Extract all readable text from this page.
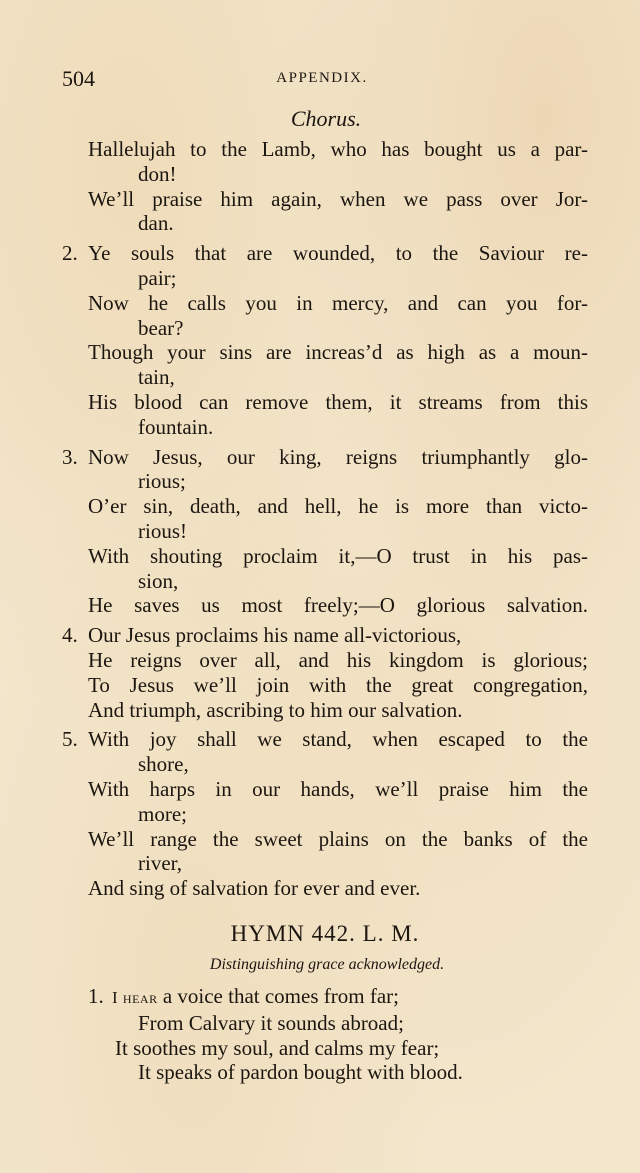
504	APPENDIX.
Chorus.
Hallelujah to the Lamb, who has bought us a par-
don!
We’ll praise him again, when we pass over Jor-
dan.
2. Ye souls that are wounded, to the Saviour re-
pair;
Now he calls you in mercy, and can you for-
bear?
Though your sins are increas’d as high as a moun-
tain,
His blood can remove them, it streams from this
fountain.
3. Now Jesus, our king, reigns triumphantly glo-
rious;
O’er sin, death, and hell, he is more than victo-
rious!
With shouting proclaim it,—O trust in his pas-
sion,
He saves us most freely;—O glorious salvation.
4. Our Jesus proclaims his name all-victorious,
He reigns over all, and his kingdom is glorious;
To Jesus we’ll join with the great congregation,
And triumph, ascribing to him our salvation.
5. With joy shall we stand, when escaped to the
shore,
With harps in our hands, we’ll praise him the
more;
We’ll range the sweet plains on the banks of the
river,
And sing of salvation for ever and ever.
HYMN 442. L. M.
Distinguishing grace acknowledged.
1. I hear a voice that comes from far;
From Calvary it sounds abroad;
It soothes my soul, and calms my fear;
It speaks of pardon bought with blood.
